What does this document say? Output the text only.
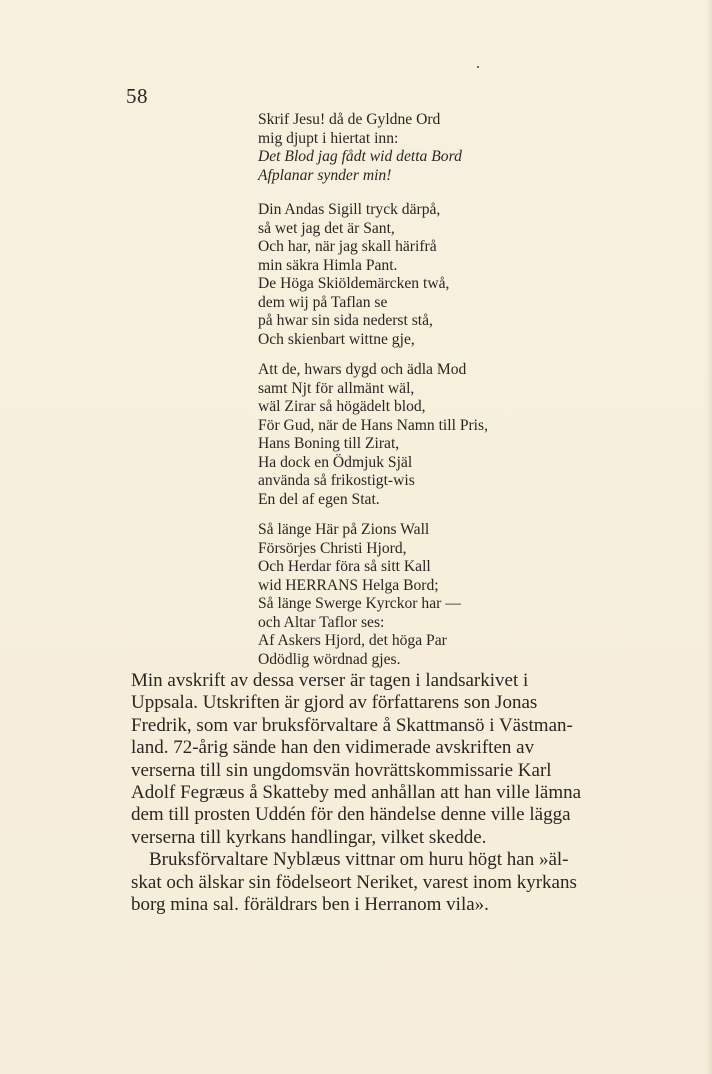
58
Skrif Jesu! då de Gyldne Ord
mig djupt i hiertat inn:
Det Blod jag fådt wid detta Bord
Afplanar synder min!
Din Andas Sigill tryck därpå,
så wet jag det är Sant,
Och har, när jag skall härifrå
min säkra Himla Pant.
De Höga Skiöldemärcken twå,
dem wij på Taflan se
på hwar sin sida nederst stå,
Och skienbart wittne gje,
Att de, hwars dygd och ädla Mod
samt Njt för allmänt wäl,
wäl Zirar så högädelt blod,
För Gud, när de Hans Namn till Pris,
Hans Boning till Zirat,
Ha dock en Ödmjuk Själ
använda så frikostigt-wis
En del af egen Stat.
Så länge Här på Zions Wall
Försörjes Christi Hjord,
Och Herdar föra så sitt Kall
wid HERRANS Helga Bord;
Så länge Swerge Kyrckor har —
och Altar Taflor ses:
Af Askers Hjord, det höga Par
Odödlig wördnad gjes.

Min avskrift av dessa verser är tagen i landsarkivet i
Uppsala. Utskriften är gjord av författarens son Jonas
Fredrik, som var bruksförvaltare å Skattmansö i Västman-
land. 72-årig sände han den vidimerade avskriften av
verserna till sin ungdomsvän hovrättskommissarie Karl
Adolf Fegræus å Skatteby med anhållan att han ville lämna
dem till prosten Uddén för den händelse denne ville lägga
verserna till kyrkans handlingar, vilket skedde.

Bruksförvaltare Nyblæus vittnar om huru högt han »äl-
skat och älskar sin födelseort Neriket, varest inom kyrkans
borg mina sal. föräldrars ben i Herranom vila».
